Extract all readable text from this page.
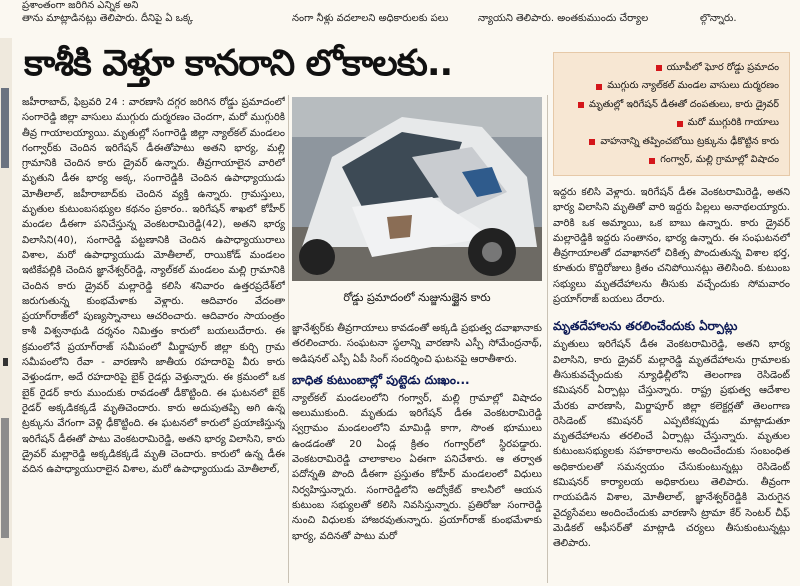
ప్రశాంతంగా జరిగిన ఎన్నిక అని
తాను మాట్లాడినట్లు తెలిపారు. దీనిపై ఏ ఒక్క	నంగా నీళ్లు వదలాలని అధికారులకు పలు	న్యాయని తెలిపారు. అంతకుముందు చేర్యాల	ల్గొన్నారు.
కాశీకి వెళ్తూ కానరాని లోకాలకు..

జహీరాబాద్, ఫిబ్రవరి 24 : వారణాసి దగ్గర జరిగిన రోడ్డు ప్రమాదంలో సంగారెడ్డి జిల్లా వాసులు ముగ్గురు దుర్మరణం చెందగా, మరో ముగ్గురికి తీవ్ర గాయాలయ్యాయి. మృతుల్లో సంగారెడ్డి జిల్లా న్యాల్‌కల్ మండలం గంగ్వార్‌కు చెందిన ఇరిగేషన్ డీఈతోపాటు అతని భార్య, మల్లి గ్రామానికి చెందిన కారు డ్రైవర్ ఉన్నారు. తీవ్రగాయాలైన వారిలో మృతుని డీఈ భార్య అక్క, సంగారెడ్డికి చెందిన ఉపాధ్యాయుడు మోతీలాల్, జహీరాబాద్‌కు చెందిన వ్యక్తి ఉన్నారు. గ్రామస్తులు, మృతుల కుటుంబసభ్యుల కథనం ప్రకారం.. ఇరిగేషన్ శాఖలో కోహీర్ మండల డీఈగా పనిచేస్తున్న వెంకటరామిరెడ్డి(42), అతని భార్య విలాసిని(40), సంగారెడ్డి పట్టణానికి చెందిన ఉపాధ్యాయురాలు విశాల, మరో ఉపాధ్యాయుడు మోతీలాల్, రాయికోడ్ మండలం ఇటికేపల్లికి చెందిన జ్ఞానేశ్వర్‌రెడ్డి, న్యాల్‌కల్ మండలం మల్లి గ్రామానికి చెందిన కారు డ్రైవర్ మల్లారెడ్డి కలిసి శనివారం ఉత్తరప్రదేశ్‌లో జరుగుతున్న కుంభమేళాకు వెళ్లారు. ఆదివారం వేదంతా ప్రయాగ్‌రాజ్‌లో పుణ్యస్నానాలు ఆచరించారు. ఆదివారం సాయంత్రం కాశీ విశ్వనాథుడి దర్శనం నిమిత్తం కారులో బయలుదేరారు. ఈ క్రమంలోనే ప్రయాగ్‌రాజ్ సమీపంలో మీర్జాపూర్ జిల్లా కుర్చి గ్రామ సమీపంలోని రేవా - వారణాసి జాతీయ రహదారిపై వీరు కారు వెళ్తుండగా, అదే రహదారిపై బైక్ రైడర్లు వెళ్తున్నారు. ఈ క్రమంలో ఒక బైక్ రైడర్ కారు ముందుకు రావడంతో డీకొట్టింది. ఈ ఘటనలో బైక్ రైడర్ అక్కడికక్కడే మృతిచెందారు. కారు అదుపుతప్పి అగి ఉన్న ట్రక్కును వేగంగా వెళ్లి ఢీకొట్టింది. ఈ ఘటనలో కారులో ప్రయాణిస్తున్న ఇరిగేషన్ డీఈతో పాటు వెంకటరామిరెడ్డి, అతని భార్య విలాసిని, కారు డ్రైవర్ మల్లారెడ్డి అక్కడికక్కడే మృతి చెందారు. కారులో ఉన్న డీఈ వదిన ఉపాధ్యాయురాలైన విశాల, మరో ఉపాధ్యాయుడు మోతీలాల్,

రోడ్డు ప్రమాదంలో నుజ్జునుజ్జైన కారు

జ్ఞానేశ్వర్‌కు తీవ్రగాయాలు కావడంతో అక్కడి ప్రభుత్వ దవాఖానాకు తరలించారు. సంఘటనా స్థలాన్ని వారణాసి ఎస్పీ సోమేంద్రనాథ్, అడిషనల్ ఎస్పీ ఏపీ సింగ్ సందర్శించి ఘటనపై ఆరాతీశారు.

బాధిత కుటుంబాల్లో పుట్టెడు దుఃఖం...

న్యాల్‌కల్ మండలంలోని గంగ్వార్, మల్లి గ్రామాల్లో విషాదం అలుముకుంది. మృతుడు ఇరిగేషన్ డీఈ వెంకటరామిరెడ్డి స్వగ్రామం మండలంలోని మామిడ్గి కాగా, సొంత భూములు ఉండడంతో 20 ఏండ్ల క్రితం గంగ్వార్‌లో స్థిరపడ్డారు. వెంకటరామిరెడ్డి చాలాకాలం ఏఈగా పనిచేశారు. ఆ తర్వాత పదోన్నతి పొంది డీఈగా ప్రస్తుతం కోహీర్ మండలంలో విధులు నిర్వహిస్తున్నారు. సంగారెడ్డిలోని అద్వోకేట్ కాలనీలో ఆయన కుటుంబ సభ్యులతో కలిసి నివసిస్తున్నారు. ప్రతిరోజు సంగారెడ్డి నుంచి విధులకు హాజరవుతున్నారు. ప్రయాగ్‌రాజ్ కుంభమేళాకు భార్య, వదినతో పాటు మరో

యూపీలో ఘోర రోడ్డు ప్రమాదం
ముగ్గురు న్యాల్‌కల్ మండల వాసులు దుర్మరణం
మృతుల్లో ఇరిగేషన్ డీఈతో దంపతులు, కారు డ్రైవర్
మరో ముగ్గురికి గాయాలు
వాహనాన్ని తప్పించబోయి ట్రక్కును ఢీకొట్టిన కారు
గంగ్వార్, మల్లి గ్రామాల్లో విషాదం

ఇద్దరు కలిసి వెళ్లారు. ఇరిగేషన్ డీఈ వెంకటరామిరెడ్డి, అతని భార్య విలాసిని మృతితో వారి ఇద్దరు పిల్లలు అనాథలయ్యారు. వారికి ఒక అమ్మాయి, ఒక బాబు ఉన్నారు. కారు డ్రైవర్ మల్లారెడ్డికి ఇద్దరు సంతానం, భార్య ఉన్నారు. ఈ సంఘటనలో తీవ్రగాయాలతో దవాఖానలో చికిత్స పొందుతున్న విశాల భర్త, కూతురు కొద్దిరోజులు క్రితం చనిపోయినట్లు తెలిసింది. కుటుంబ సభ్యులు మృతదేహాలను తీసుకు వచ్చేందుకు సోమవారం ప్రయాగ్‌రాజ్ బయలు దేరారు.

మృతదేహాలను తరలించేందుకు ఏర్పాట్లు

మృతులు ఇరిగేషన్ డీఈ వెంకటరామిరెడ్డి, అతని భార్య విలాసిని, కారు డ్రైవర్ మల్లారెడ్డి మృతదేహాలను గ్రామాలకు తీసుకువచ్చేందుకు న్యూఢిల్లీలోని తెలంగాణ రెసిడెంట్ కమిషనర్ ఏర్పాట్లు చేస్తున్నారు. రాష్ట్ర ప్రభుత్వ ఆదేశాల మేరకు వారణాసి, మిర్జాపూర్ జిల్లా కలెక్టర్లతో తెలంగాణ రెసిడెంట్ కమిషనర్ ఎప్పటికప్పుడు మాట్లాడుతూ మృతదేహాలను తరలించే ఏర్పాట్లు చేస్తున్నారు. మృతుల కుటుంబసభ్యులకు సహకారాలను అందించేందుకు సంబంధిత అధికారులతో సమన్వయం చేసుకుంటున్నట్లు రెసిడెంట్ కమిషనర్ కార్యాలయ అధికారులు తెలిపారు. తీవ్రంగా గాయపడిన విశాల, మోతీలాల్, జ్ఞానేశ్వర్‌రెడ్డికి మెరుగైన వైద్యసేవలు అందించేందుకు వారణాసి ట్రామా కేర్ సెంటర్ చీఫ్ మెడికల్ ఆఫీసర్‌తో మాట్లాడి చర్యలు తీసుకుంటున్నట్లు తెలిపారు.
